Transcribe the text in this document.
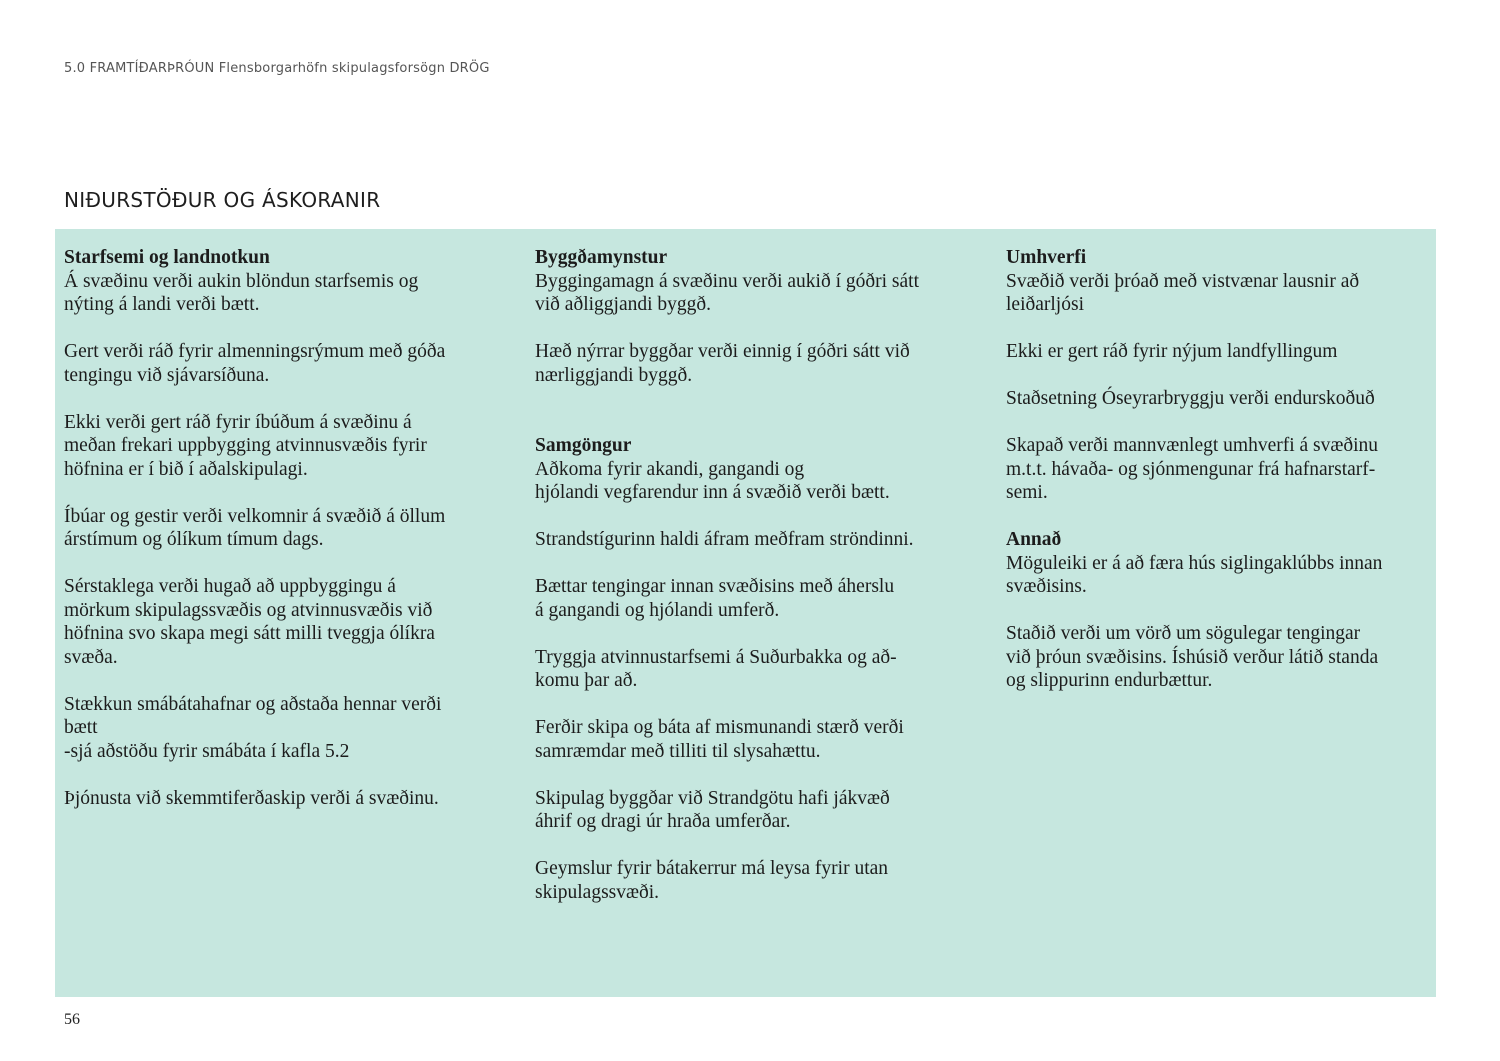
5.0 FRAMTÍÐARÞRÓUN Flensborgarhöfn skipulagsforsögn DRÖG
NIÐURSTÖÐUR OG ÁSKORANIR

Starfsemi og landnotkun

Á svæðinu verði aukin blöndun starfsemis og
nýting á landi verði bætt.

Gert verði ráð fyrir almenningsrýmum með góða
tengingu við sjávarsíðuna.

Ekki verði gert ráð fyrir íbúðum á svæðinu á
meðan frekari uppbygging atvinnusvæðis fyrir
höfnina er í bið í aðalskipulagi.

Íbúar og gestir verði velkomnir á svæðið á öllum
árstímum og ólíkum tímum dags.

Sérstaklega verði hugað að uppbyggingu á
mörkum skipulagssvæðis og atvinnusvæðis við
höfnina svo skapa megi sátt milli tveggja ólíkra
svæða.

Stækkun smábátahafnar og aðstaða hennar verði
bætt
-sjá aðstöðu fyrir smábáta í kafla 5.2

Þjónusta við skemmtiferðaskip verði á svæðinu.

Byggðamynstur

Byggingamagn á svæðinu verði aukið í góðri sátt
við aðliggjandi byggð.

Hæð nýrrar byggðar verði einnig í góðri sátt við
nærliggjandi byggð.

Samgöngur

Aðkoma fyrir akandi, gangandi og
hjólandi vegfarendur inn á svæðið verði bætt.

Strandstígurinn haldi áfram meðfram ströndinni.

Bættar tengingar innan svæðisins með áherslu
á gangandi og hjólandi umferð.

Tryggja atvinnustarfsemi á Suðurbakka og að-
komu þar að.

Ferðir skipa og báta af mismunandi stærð verði
samræmdar með tilliti til slysahættu.

Skipulag byggðar við Strandgötu hafi jákvæð
áhrif og dragi úr hraða umferðar.

Geymslur fyrir bátakerrur má leysa fyrir utan
skipulagssvæði.

Umhverfi

Svæðið verði þróað með vistvænar lausnir að
leiðarljósi

Ekki er gert ráð fyrir nýjum landfyllingum

Staðsetning Óseyrarbryggju verði endurskoðuð

Skapað verði mannvænlegt umhverfi á svæðinu
m.t.t. hávaða- og sjónmengunar frá hafnarstarf-
semi.

Annað

Möguleiki er á að færa hús siglingaklúbbs innan
svæðisins.

Staðið verði um vörð um sögulegar tengingar
við þróun svæðisins. Íshúsið verður látið standa
og slippurinn endurbættur.

56
